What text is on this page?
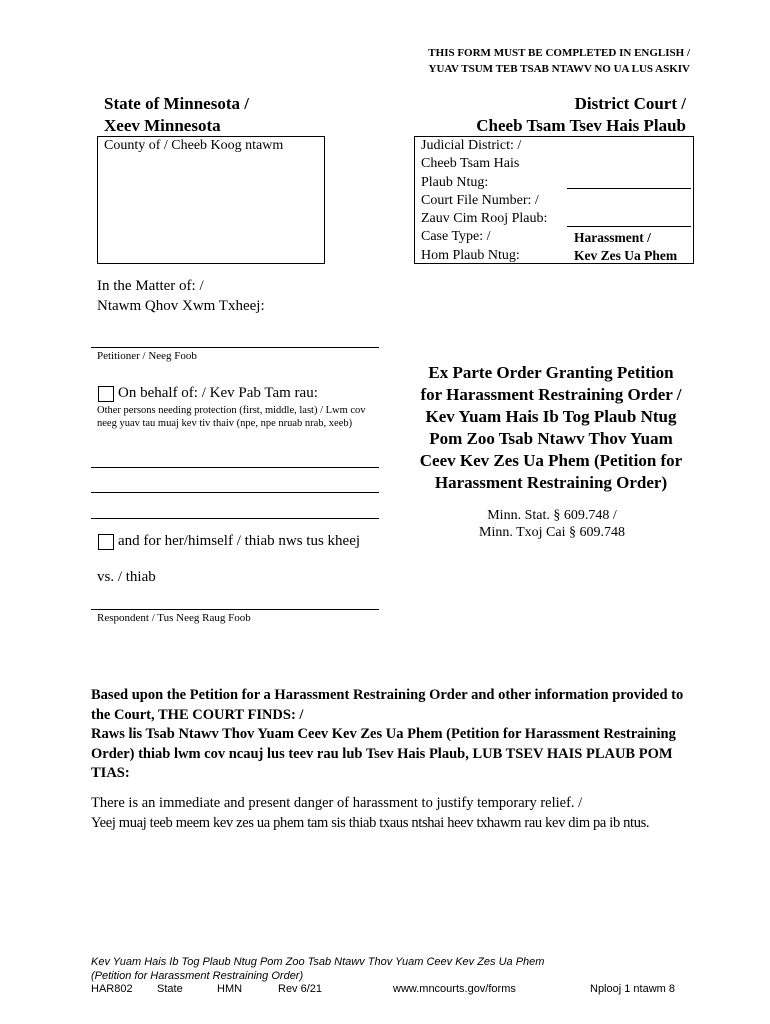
THIS FORM MUST BE COMPLETED IN ENGLISH /
YUAV TSUM TEB TSAB NTAWV NO UA LUS ASKIV
State of Minnesota /
Xeev Minnesota
District Court /
Cheeb Tsam Tsev Hais Plaub
County of / Cheeb Koog ntawm	Judicial District: /
Cheeb Tsam Hais
Plaub Ntug:
Court File Number: /
Zauv Cim Rooj Plaub:
Case Type: /
Hom Plaub Ntug:
Harassment /
Kev Zes Ua Phem
In the Matter of: /
Ntawm Qhov Xwm Txheej:
Petitioner / Neeg Foob
On behalf of: / Kev Pab Tam rau:
Other persons needing protection (first, middle, last) / Lwm cov neeg yuav tau muaj kev tiv thaiv (npe, npe nruab nrab, xeeb)
and for her/himself / thiab nws tus kheej
vs. / thiab
Respondent / Tus Neeg Raug Foob
Ex Parte Order Granting Petition
for Harassment Restraining Order /
Kev Yuam Hais Ib Tog Plaub Ntug
Pom Zoo Tsab Ntawv Thov Yuam
Ceev Kev Zes Ua Phem (Petition for
Harassment Restraining Order)
Minn. Stat. § 609.748 /
Minn. Txoj Cai § 609.748
Based upon the Petition for a Harassment Restraining Order and other information provided to the Court, THE COURT FINDS: /
Raws lis Tsab Ntawv Thov Yuam Ceev Kev Zes Ua Phem (Petition for Harassment Restraining Order) thiab lwm cov ncauj lus teev rau lub Tsev Hais Plaub, LUB TSEV HAIS PLAUB POM TIAS:
There is an immediate and present danger of harassment to justify temporary relief. /
Yeej muaj teeb meem kev zes ua phem tam sis thiab txaus ntshai heev txhawm rau kev dim pa ib ntus.
Kev Yuam Hais Ib Tog Plaub Ntug Pom Zoo Tsab Ntawv Thov Yuam Ceev Kev Zes Ua Phem
(Petition for Harassment Restraining Order)
HAR802 State	HMN	Rev 6/21	www.mncourts.gov/forms	Nplooj 1 ntawm 8
